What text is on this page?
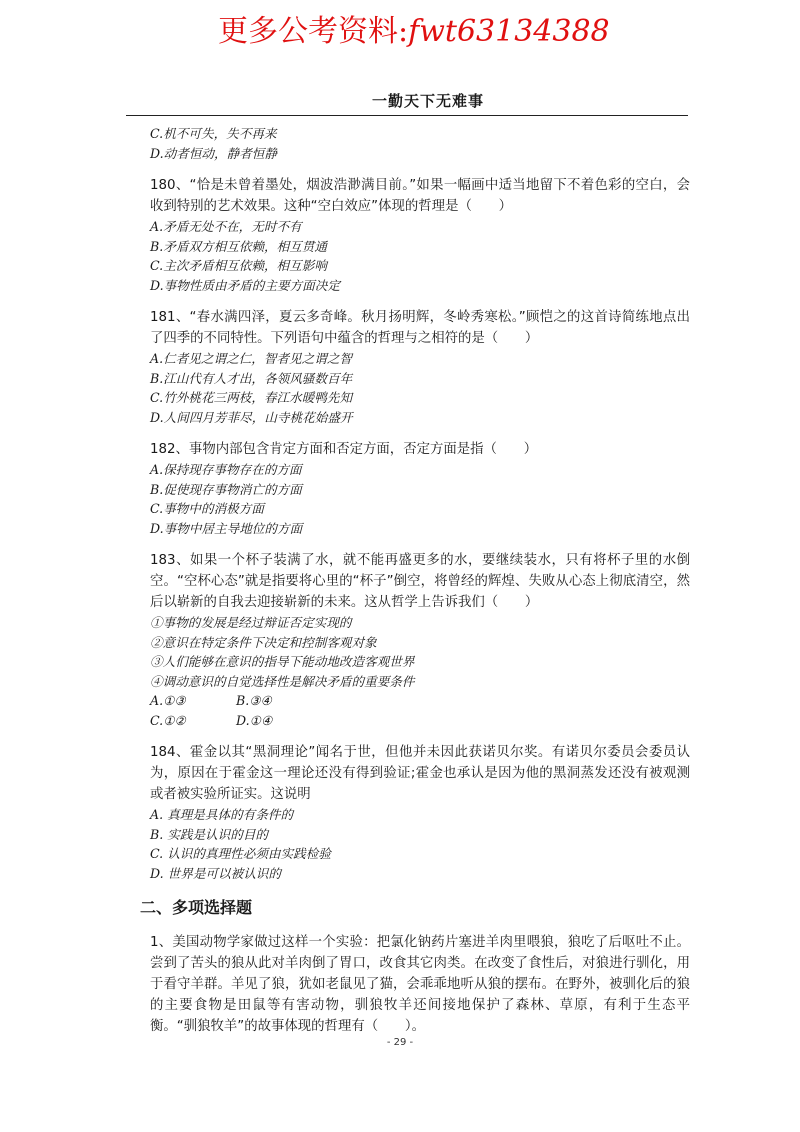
更多公考资料:fwt63134388
一勤天下无难事

C.机不可失，失不再来

D.动者恒动，静者恒静

180、“恰是未曾着墨处，烟波浩渺满目前。”如果一幅画中适当地留下不着色彩的空白，会收到特别的艺术效果。这种“空白效应”体现的哲理是（　　）

A.矛盾无处不在，无时不有

B.矛盾双方相互依赖，相互贯通

C.主次矛盾相互依赖，相互影响

D.事物性质由矛盾的主要方面决定

181、“春水满四泽，夏云多奇峰。秋月扬明辉，冬岭秀寒松。”顾恺之的这首诗简练地点出了四季的不同特性。下列语句中蕴含的哲理与之相符的是（　　）

A.仁者见之谓之仁，智者见之谓之智

B.江山代有人才出，各领风骚数百年

C.竹外桃花三两枝，春江水暖鸭先知

D.人间四月芳菲尽，山寺桃花始盛开

182、事物内部包含肯定方面和否定方面，否定方面是指（　　）

A.保持现存事物存在的方面

B.促使现存事物消亡的方面

C.事物中的消极方面

D.事物中居主导地位的方面

183、如果一个杯子装满了水，就不能再盛更多的水，要继续装水，只有将杯子里的水倒空。“空杯心态”就是指要将心里的“杯子”倒空，将曾经的辉煌、失败从心态上彻底清空，然后以崭新的自我去迎接崭新的未来。这从哲学上告诉我们（　　）

①事物的发展是经过辩证否定实现的

②意识在特定条件下决定和控制客观对象

③人们能够在意识的指导下能动地改造客观世界

④调动意识的自觉选择性是解决矛盾的重要条件

A.①③	B.③④

C.①②	D.①④

184、霍金以其“黑洞理论”闻名于世，但他并未因此获诺贝尔奖。有诺贝尔委员会委员认为，原因在于霍金这一理论还没有得到验证;霍金也承认是因为他的黑洞蒸发还没有被观测或者被实验所证实。这说明

A. 真理是具体的有条件的

B. 实践是认识的目的

C. 认识的真理性必须由实践检验

D. 世界是可以被认识的

二、多项选择题

1、美国动物学家做过这样一个实验：把氯化钠药片塞进羊肉里喂狼，狼吃了后呕吐不止。尝到了苦头的狼从此对羊肉倒了胃口，改食其它肉类。在改变了食性后，对狼进行驯化，用于看守羊群。羊见了狼，犹如老鼠见了猫，会乖乖地听从狼的摆布。在野外，被驯化后的狼的主要食物是田鼠等有害动物，驯狼牧羊还间接地保护了森林、草原，有利于生态平衡。“驯狼牧羊”的故事体现的哲理有（　　）。

- 29 -
